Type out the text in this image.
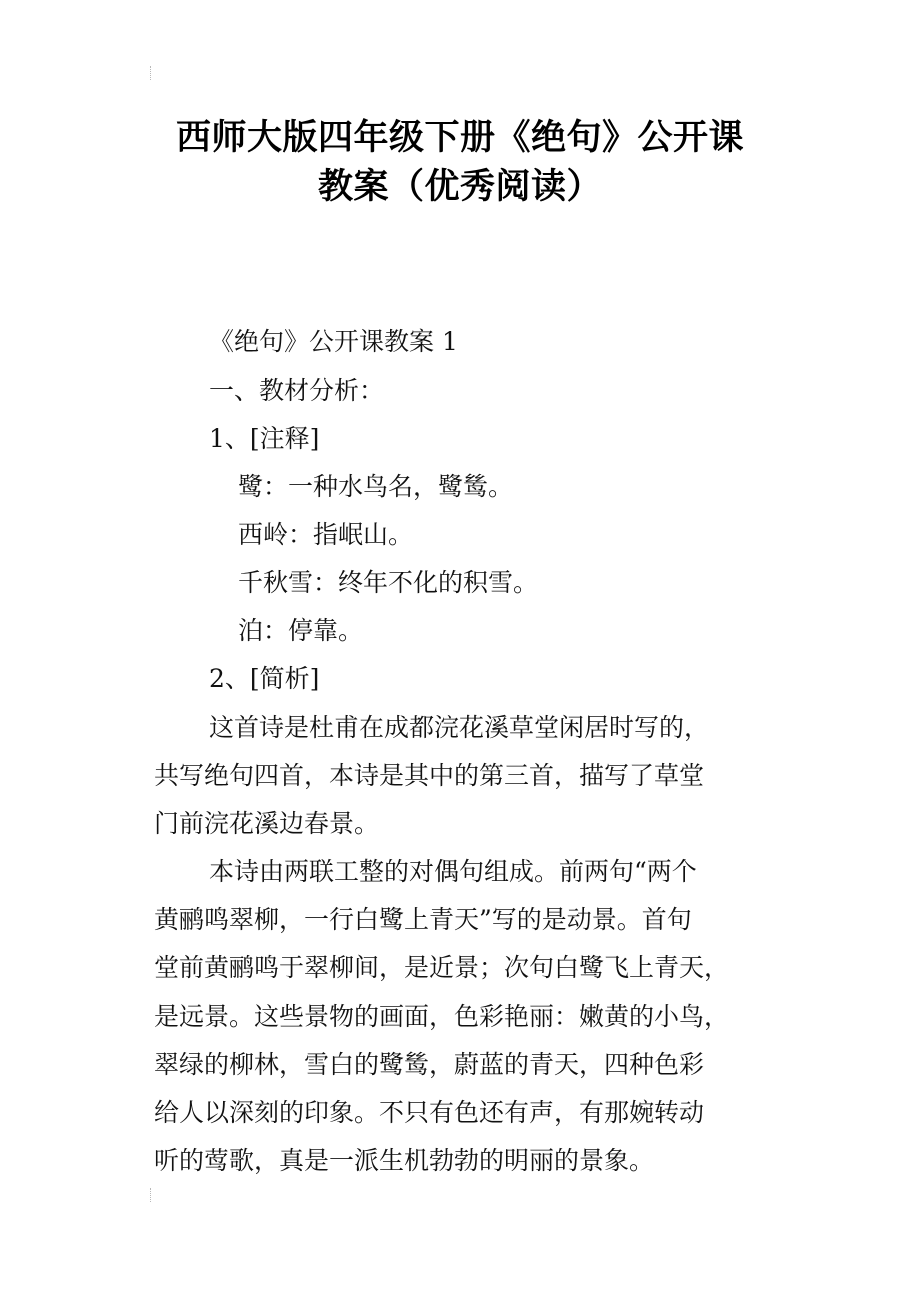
西师大版四年级下册《绝句》公开课
教案（优秀阅读）
《绝句》公开课教案 1
一、教材分析：
1、[注释]
鹭：一种水鸟名，鹭鸶。
西岭：指岷山。
千秋雪：终年不化的积雪。
泊：停靠。
2、[简析]
这首诗是杜甫在成都浣花溪草堂闲居时写的，
共写绝句四首，本诗是其中的第三首，描写了草堂
门前浣花溪边春景。
本诗由两联工整的对偶句组成。前两句“两个
黄鹂鸣翠柳，一行白鹭上青天”写的是动景。首句
堂前黄鹂鸣于翠柳间，是近景；次句白鹭飞上青天，
是远景。这些景物的画面，色彩艳丽：嫩黄的小鸟，
翠绿的柳林，雪白的鹭鸶，蔚蓝的青天，四种色彩
给人以深刻的印象。不只有色还有声，有那婉转动
听的莺歌，真是一派生机勃勃的明丽的景象。
